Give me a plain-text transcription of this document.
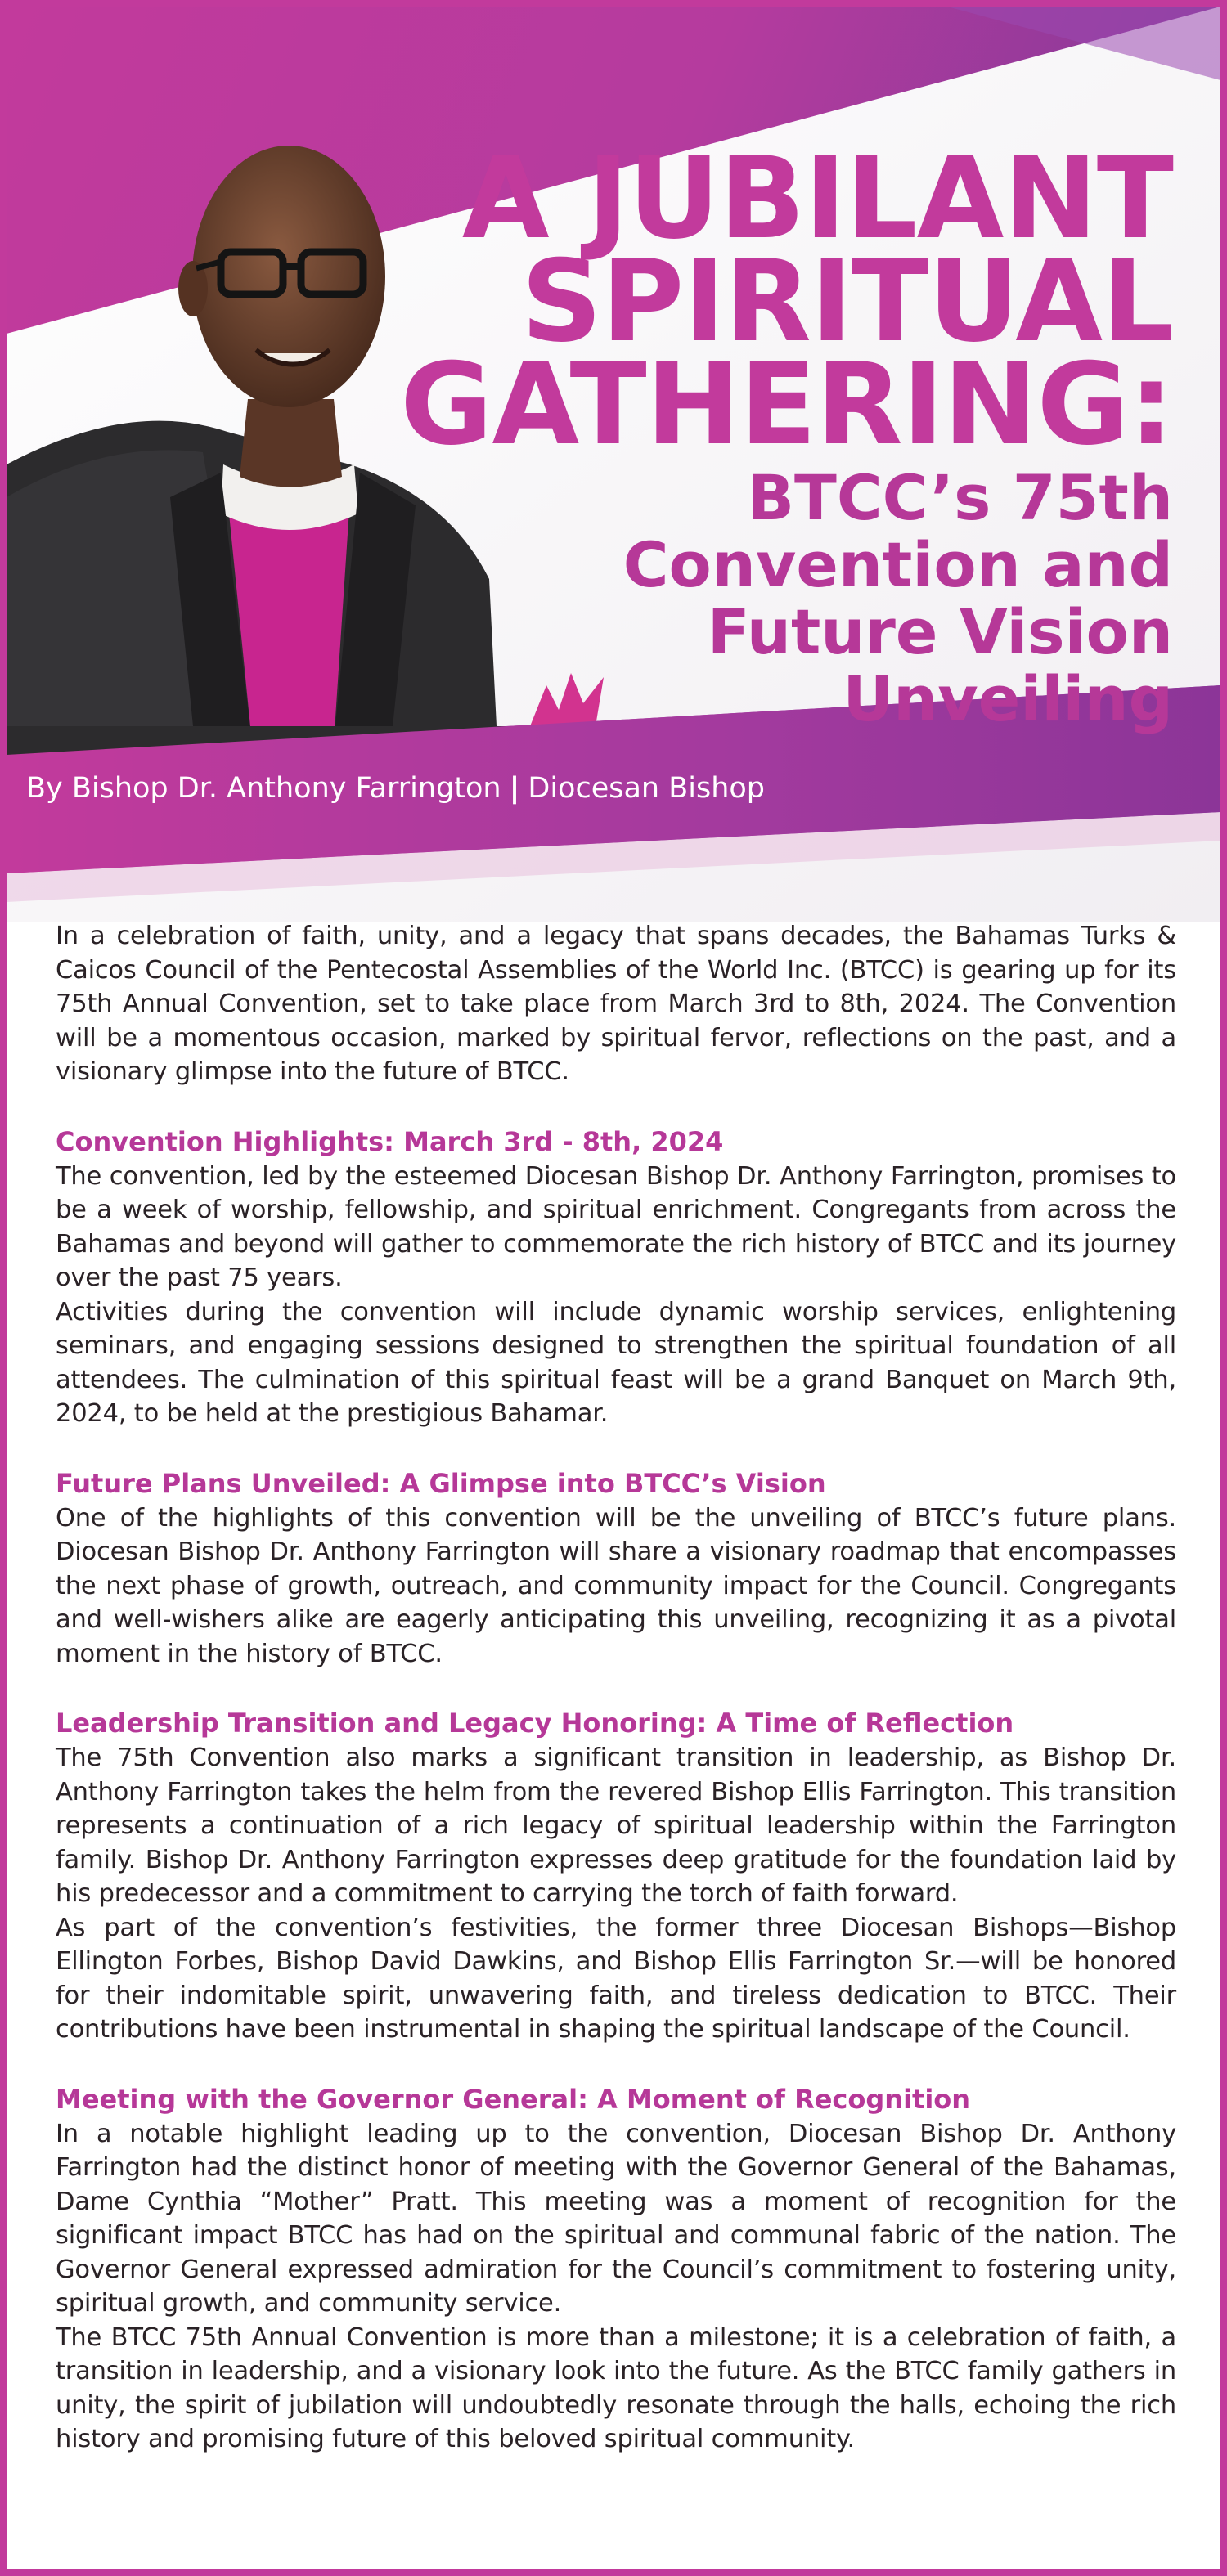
A JUBILANT
SPIRITUAL
GATHERING:
BTCC’s 75th
Convention and
Future Vision
Unveiling
By Bishop Dr. Anthony Farrington | Diocesan Bishop

In a celebration of faith, unity, and a legacy that spans decades, the Bahamas Turks & Caicos Council of the Pentecostal Assemblies of the World Inc. (BTCC) is gearing up for its 75th Annual Convention, set to take place from March 3rd to 8th, 2024. The Convention will be a momentous occasion, marked by spiritual fervor, reflections on the past, and a visionary glimpse into the future of BTCC.

Convention Highlights: March 3rd - 8th, 2024

The convention, led by the esteemed Diocesan Bishop Dr. Anthony Farrington, promises to be a week of worship, fellowship, and spiritual enrichment. Congregants from across the Bahamas and beyond will gather to commemorate the rich history of BTCC and its journey over the past 75 years.

Activities during the convention will include dynamic worship services, enlightening seminars, and engaging sessions designed to strengthen the spiritual foundation of all attendees. The culmination of this spiritual feast will be a grand Banquet on March 9th, 2024, to be held at the prestigious Bahamar.

Future Plans Unveiled: A Glimpse into BTCC’s Vision

One of the highlights of this convention will be the unveiling of BTCC’s future plans. Diocesan Bishop Dr. Anthony Farrington will share a visionary roadmap that encompasses the next phase of growth, outreach, and community impact for the Council. Congregants and well-wishers alike are eagerly anticipating this unveiling, recognizing it as a pivotal moment in the history of BTCC.

Leadership Transition and Legacy Honoring: A Time of Reflection

The 75th Convention also marks a significant transition in leadership, as Bishop Dr. Anthony Farrington takes the helm from the revered Bishop Ellis Farrington. This transition represents a continuation of a rich legacy of spiritual leadership within the Farrington family. Bishop Dr. Anthony Farrington expresses deep gratitude for the foundation laid by his predecessor and a commitment to carrying the torch of faith forward.

As part of the convention’s festivities, the former three Diocesan Bishops—Bishop Ellington Forbes, Bishop David Dawkins, and Bishop Ellis Farrington Sr.—will be honored for their indomitable spirit, unwavering faith, and tireless dedication to BTCC. Their contributions have been instrumental in shaping the spiritual landscape of the Council.

Meeting with the Governor General: A Moment of Recognition

In a notable highlight leading up to the convention, Diocesan Bishop Dr. Anthony Farrington had the distinct honor of meeting with the Governor General of the Bahamas, Dame Cynthia “Mother” Pratt. This meeting was a moment of recognition for the significant impact BTCC has had on the spiritual and communal fabric of the nation. The Governor General expressed admiration for the Council’s commitment to fostering unity, spiritual growth, and community service.

The BTCC 75th Annual Convention is more than a milestone; it is a celebration of faith, a transition in leadership, and a visionary look into the future. As the BTCC family gathers in unity, the spirit of jubilation will undoubtedly resonate through the halls, echoing the rich history and promising future of this beloved spiritual community.
